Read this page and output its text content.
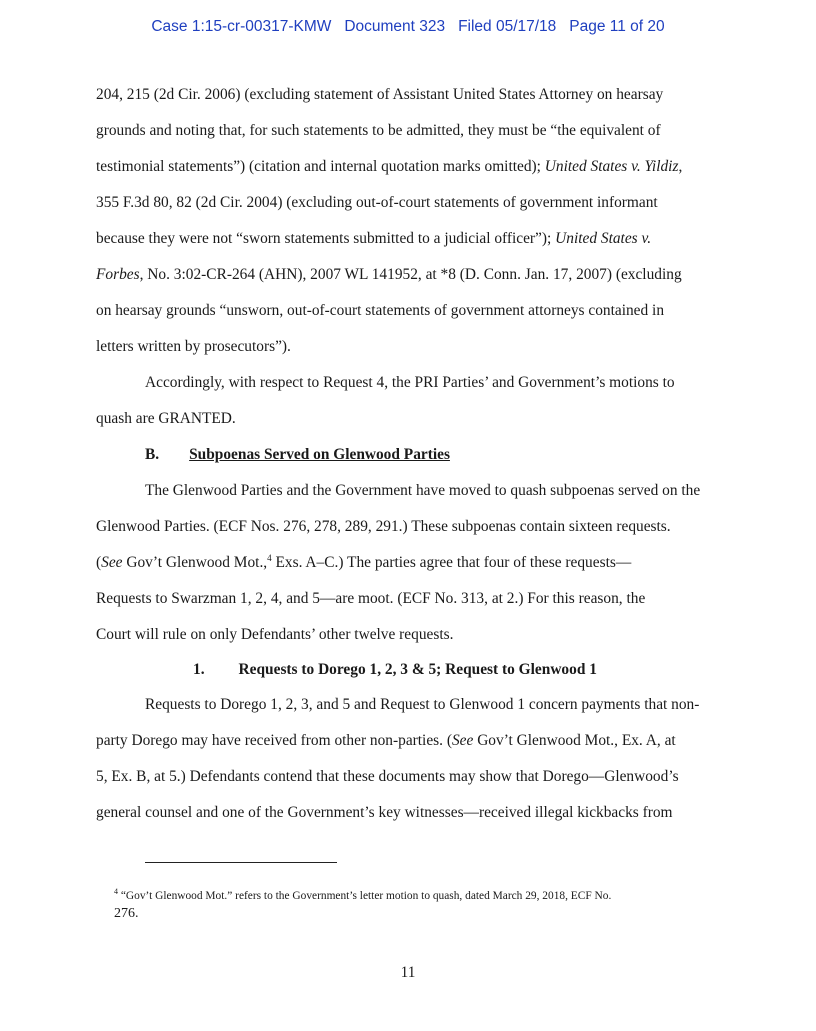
Case 1:15-cr-00317-KMW Document 323 Filed 05/17/18 Page 11 of 20
204, 215 (2d Cir. 2006) (excluding statement of Assistant United States Attorney on hearsay
grounds and noting that, for such statements to be admitted, they must be “the equivalent of
testimonial statements”) (citation and internal quotation marks omitted); United States v. Yildiz,
355 F.3d 80, 82 (2d Cir. 2004) (excluding out-of-court statements of government informant
because they were not “sworn statements submitted to a judicial officer”); United States v.
Forbes, No. 3:02-CR-264 (AHN), 2007 WL 141952, at *8 (D. Conn. Jan. 17, 2007) (excluding
on hearsay grounds “unsworn, out-of-court statements of government attorneys contained in
letters written by prosecutors”).
Accordingly, with respect to Request 4, the PRI Parties’ and Government’s motions to
quash are GRANTED.
B. Subpoenas Served on Glenwood Parties
The Glenwood Parties and the Government have moved to quash subpoenas served on the
Glenwood Parties. (ECF Nos. 276, 278, 289, 291.) These subpoenas contain sixteen requests.
(See Gov’t Glenwood Mot.,$^4$ Exs. A–C.) The parties agree that four of these requests—
Requests to Swarzman 1, 2, 4, and 5—are moot. (ECF No. 313, at 2.) For this reason, the
Court will rule on only Defendants’ other twelve requests.
1. Requests to Dorego 1, 2, 3 & 5; Request to Glenwood 1
Requests to Dorego 1, 2, 3, and 5 and Request to Glenwood 1 concern payments that non-
party Dorego may have received from other non-parties. (See Gov’t Glenwood Mot., Ex. A, at
5, Ex. B, at 5.) Defendants contend that these documents may show that Dorego—Glenwood’s
general counsel and one of the Government’s key witnesses—received illegal kickbacks from
$^4$ “Gov’t Glenwood Mot.” refers to the Government’s letter motion to quash, dated March 29, 2018, ECF No.
276.
11
